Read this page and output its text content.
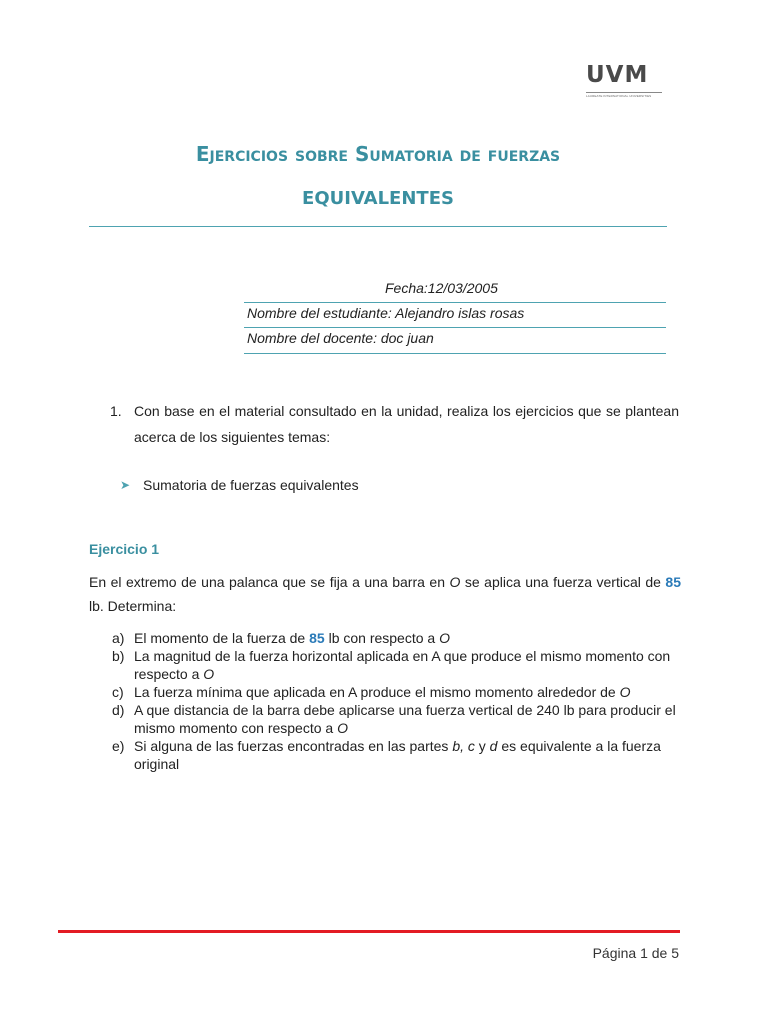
UVM
LAUREATE INTERNATIONAL UNIVERSITIES
Ejercicios sobre Sumatoria de fuerzas
EQUIVALENTES
Fecha:12/03/2005
Nombre del estudiante: Alejandro islas rosas
Nombre del docente: doc juan
1. Con base en el material consultado en la unidad, realiza los ejercicios que se plantean acerca de los siguientes temas:
➤ Sumatoria de fuerzas equivalentes
Ejercicio 1
En el extremo de una palanca que se fija a una barra en O se aplica una fuerza vertical de 85 lb. Determina:
a) El momento de la fuerza de 85 lb con respecto a O
b) La magnitud de la fuerza horizontal aplicada en A que produce el mismo momento con respecto a O
c) La fuerza mínima que aplicada en A produce el mismo momento alrededor de O
d) A que distancia de la barra debe aplicarse una fuerza vertical de 240 lb para producir el mismo momento con respecto a O
e) Si alguna de las fuerzas encontradas en las partes b, c y d es equivalente a la fuerza original
Página 1 de 5
